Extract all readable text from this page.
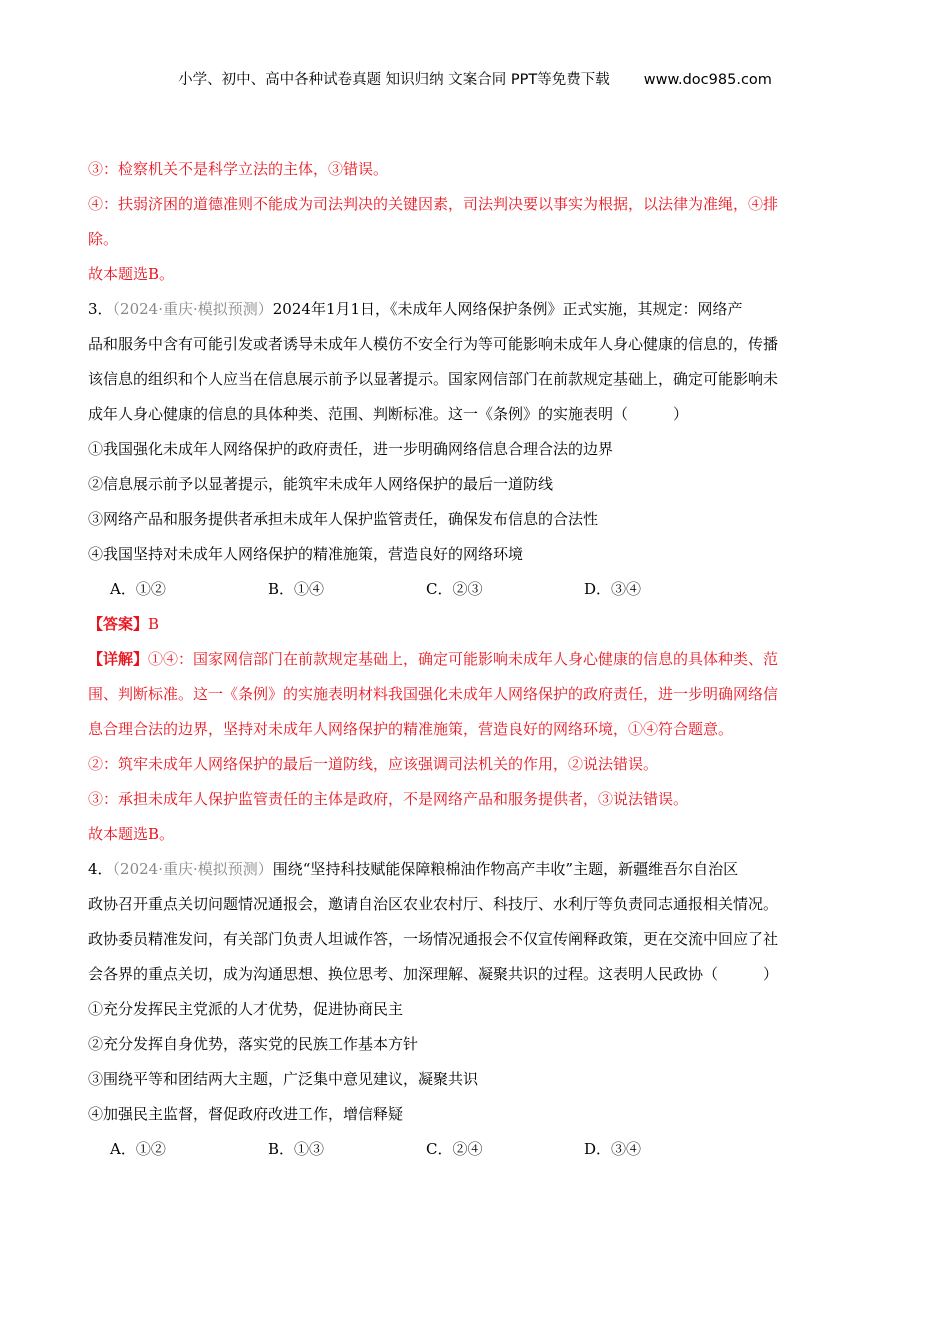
小学、初中、高中各种试卷真题 知识归纳 文案合同 PPT等免费下载 www.doc985.com
③：检察机关不是科学立法的主体，③错误。
④：扶弱济困的道德准则不能成为司法判决的关键因素，司法判决要以事实为根据，以法律为准绳，④排
除。
故本题选B。
3．（2024·重庆·模拟预测）2024年1月1日，《未成年人网络保护条例》正式实施，其规定：网络产
品和服务中含有可能引发或者诱导未成年人模仿不安全行为等可能影响未成年人身心健康的信息的，传播
该信息的组织和个人应当在信息展示前予以显著提示。国家网信部门在前款规定基础上，确定可能影响未
成年人身心健康的信息的具体种类、范围、判断标准。这一《条例》的实施表明（　　　）
①我国强化未成年人网络保护的政府责任，进一步明确网络信息合理合法的边界
②信息展示前予以显著提示，能筑牢未成年人网络保护的最后一道防线
③网络产品和服务提供者承担未成年人保护监管责任，确保发布信息的合法性
④我国坚持对未成年人网络保护的精准施策，营造良好的网络环境
A．①②	B．①④	C．②③	D．③④
【答案】B
【详解】①④：国家网信部门在前款规定基础上，确定可能影响未成年人身心健康的信息的具体种类、范
围、判断标准。这一《条例》的实施表明材料我国强化未成年人网络保护的政府责任，进一步明确网络信
息合理合法的边界，坚持对未成年人网络保护的精准施策，营造良好的网络环境，①④符合题意。
②：筑牢未成年人网络保护的最后一道防线，应该强调司法机关的作用，②说法错误。
③：承担未成年人保护监管责任的主体是政府，不是网络产品和服务提供者，③说法错误。
故本题选B。
4．（2024·重庆·模拟预测）围绕“坚持科技赋能保障粮棉油作物高产丰收”主题，新疆维吾尔自治区
政协召开重点关切问题情况通报会，邀请自治区农业农村厅、科技厅、水利厅等负责同志通报相关情况。
政协委员精准发问，有关部门负责人坦诚作答，一场情况通报会不仅宣传阐释政策，更在交流中回应了社
会各界的重点关切，成为沟通思想、换位思考、加深理解、凝聚共识的过程。这表明人民政协（　　　）
①充分发挥民主党派的人才优势，促进协商民主
②充分发挥自身优势，落实党的民族工作基本方针
③围绕平等和团结两大主题，广泛集中意见建议，凝聚共识
④加强民主监督，督促政府改进工作，增信释疑
A．①②	B．①③	C．②④	D．③④
